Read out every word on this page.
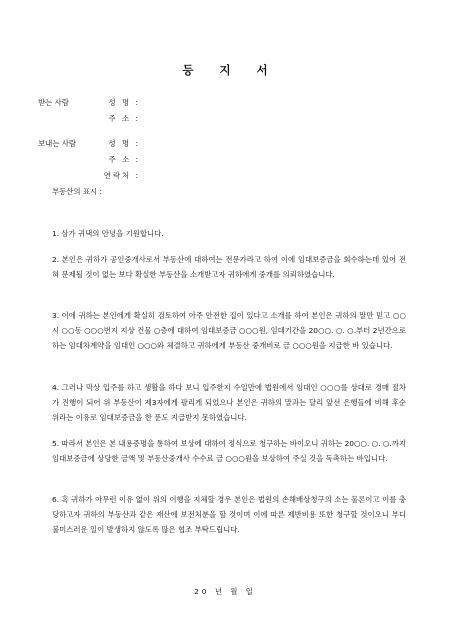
등 지 서
받는 사람	성 명 :
주 소 :
보내는 사람	성 명 :
주 소 :
연락처 :
부동산의 표시 :
1. 삼가 귀댁의 안녕을 기원합니다.
2. 본인은 귀하가 공인중개사로서 부동산에 대하여는 전문가라고 하여 이에 임대보증금을 회수하는데 있어 전혀 문제될 것이 없는 보다 확실한 부동산을 소개받고자 귀하에게 중개를 의뢰하였습니다.
3. 이에 귀하는 본인에게 확실히 검토하여 아주 안전한 집이 있다고 소개를 하여 본인은 귀하의 말만 믿고 ○○시 ○○동 ○○○번지 지상 건물 ○층에 대하여 임대보증금 ○○○원, 임대기간을 20○○. ○. ○.부터 2년간으로 하는 임대차계약을 임대인 ○○○와 체결하고 귀하에게 부동산 중개비로 금 ○○○원을 지급한 바 있습니다.
4. 그러나 막상 입주를 하고 생활을 하다 보니 입주한지 수일만에 법원에서 임대인 ○○○를 상대로 경매 절차가 진행이 되어 위 부동산이 제3자에게 팔리게 되었으나 본인은 귀하의 말과는 달리 앞선 은행들에 비해 후순위라는 이유로 임대보증금을 한 푼도 지급받지 못하였습니다.
5. 따라서 본인은 본 내용증명을 통하여 보상에 대하여 정식으로 청구하는 바이오니 귀하는 20○○. ○. ○.까지 임대보증금에 상당한 금액 및 부동산중개사 수수료 금 ○○○원을 보상하여 주실 것을 독촉하는 바입니다.
6. 혹 귀하가 아무런 이유 없이 위의 이행을 지체할 경우 본인은 법원의 손해배상청구의 소는 물론이고 이를 충당하고자 귀하의 부동산과 같은 재산에 보전처분을 할 것이며 이에 따른 제반비용 또한 청구할 것이오니 부디 불미스러운 일이 발생하지 않도록 많은 협조 부탁드립니다.
20 년 월 일
